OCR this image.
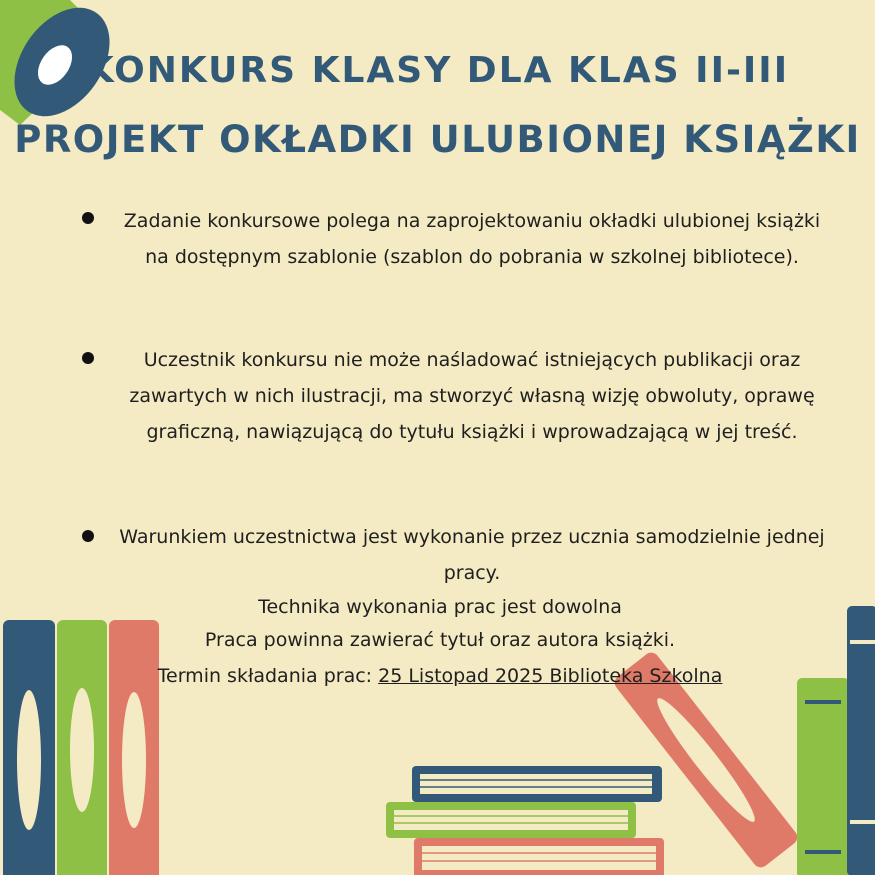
KONKURS KLASY DLA KLAS II-III
PROJEKT OKŁADKI ULUBIONEJ KSIĄŻKI
Zadanie konkursowe polega na zaprojektowaniu okładki ulubionej książki na dostępnym szablonie (szablon do pobrania w szkolnej bibliotece).
Uczestnik konkursu nie może naśladować istniejących publikacji oraz zawartych w nich ilustracji, ma stworzyć własną wizję obwoluty, oprawę graficzną, nawiązującą do tytułu książki i wprowadzającą w jej treść.
Warunkiem uczestnictwa jest wykonanie przez ucznia samodzielnie jednej pracy.
Technika wykonania prac jest dowolna
Praca powinna zawierać tytuł oraz autora książki.
Termin składania prac: 25 Listopad 2025 Biblioteka Szkolna
